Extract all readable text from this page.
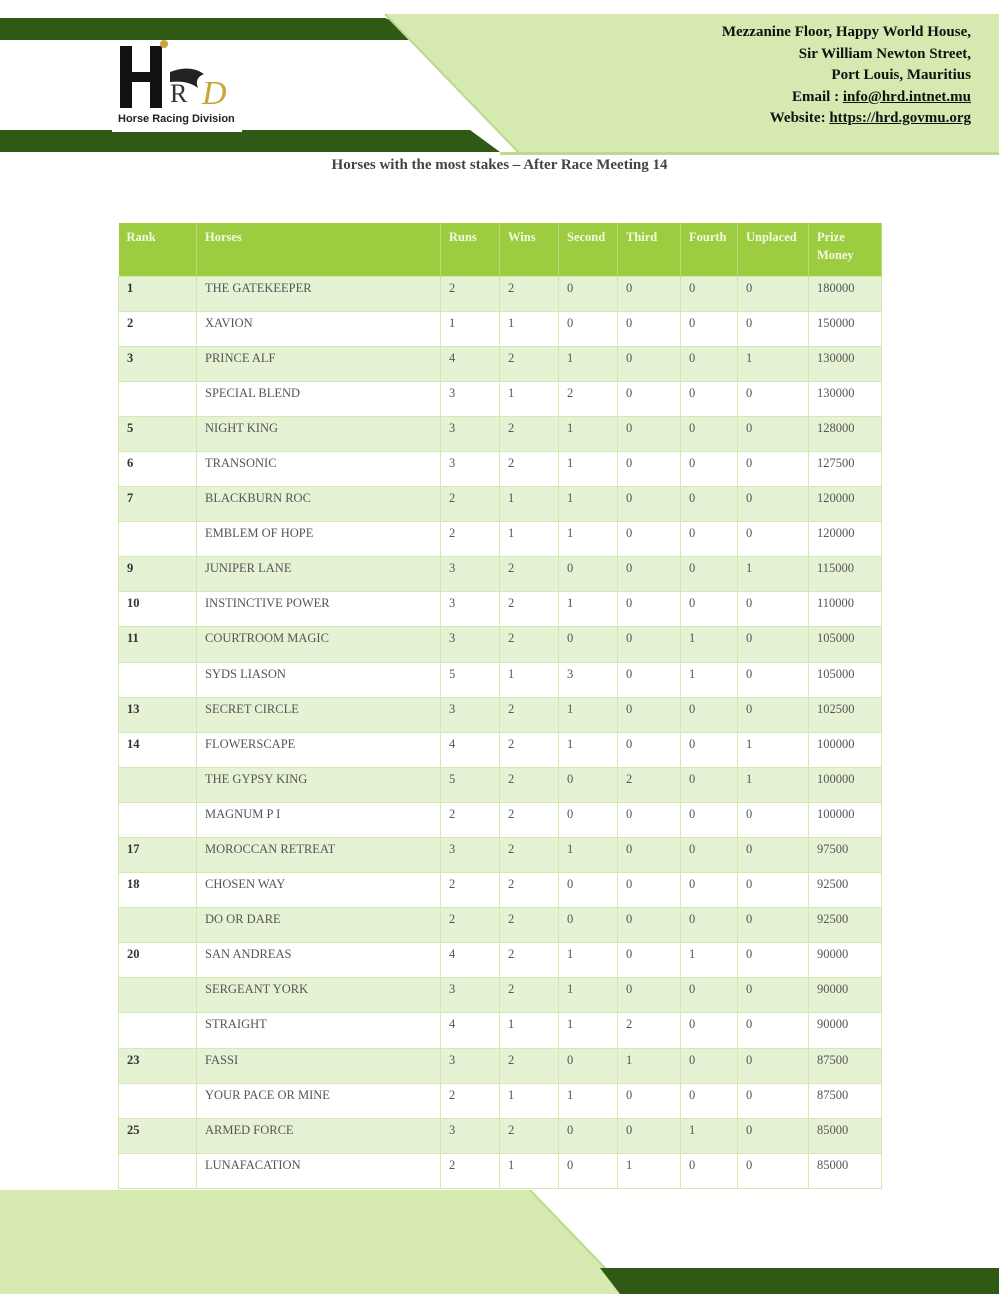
R D
Horse Racing Division
Mezzanine Floor, Happy World House,
Sir William Newton Street,
Port Louis, Mauritius
Email : info@hrd.intnet.mu
Website: https://hrd.govmu.org
Horses with the most stakes – After Race Meeting 14
Rank	Horses	Runs	Wins	Second	Third	Fourth	Unplaced	Prize Money
1	THE GATEKEEPER	2	2	0	0	0	0	180000
2	XAVION	1	1	0	0	0	0	150000
3	PRINCE ALF	4	2	1	0	0	1	130000
	SPECIAL BLEND	3	1	2	0	0	0	130000
5	NIGHT KING	3	2	1	0	0	0	128000
6	TRANSONIC	3	2	1	0	0	0	127500
7	BLACKBURN ROC	2	1	1	0	0	0	120000
	EMBLEM OF HOPE	2	1	1	0	0	0	120000
9	JUNIPER LANE	3	2	0	0	0	1	115000
10	INSTINCTIVE POWER	3	2	1	0	0	0	110000
11	COURTROOM MAGIC	3	2	0	0	1	0	105000
	SYDS LIASON	5	1	3	0	1	0	105000
13	SECRET CIRCLE	3	2	1	0	0	0	102500
14	FLOWERSCAPE	4	2	1	0	0	1	100000
	THE GYPSY KING	5	2	0	2	0	1	100000
	MAGNUM P I	2	2	0	0	0	0	100000
17	MOROCCAN RETREAT	3	2	1	0	0	0	97500
18	CHOSEN WAY	2	2	0	0	0	0	92500
	DO OR DARE	2	2	0	0	0	0	92500
20	SAN ANDREAS	4	2	1	0	1	0	90000
	SERGEANT YORK	3	2	1	0	0	0	90000
	STRAIGHT	4	1	1	2	0	0	90000
23	FASSI	3	2	0	1	0	0	87500
	YOUR PACE OR MINE	2	1	1	0	0	0	87500
25	ARMED FORCE	3	2	0	0	1	0	85000
	LUNAFACATION	2	1	0	1	0	0	85000
